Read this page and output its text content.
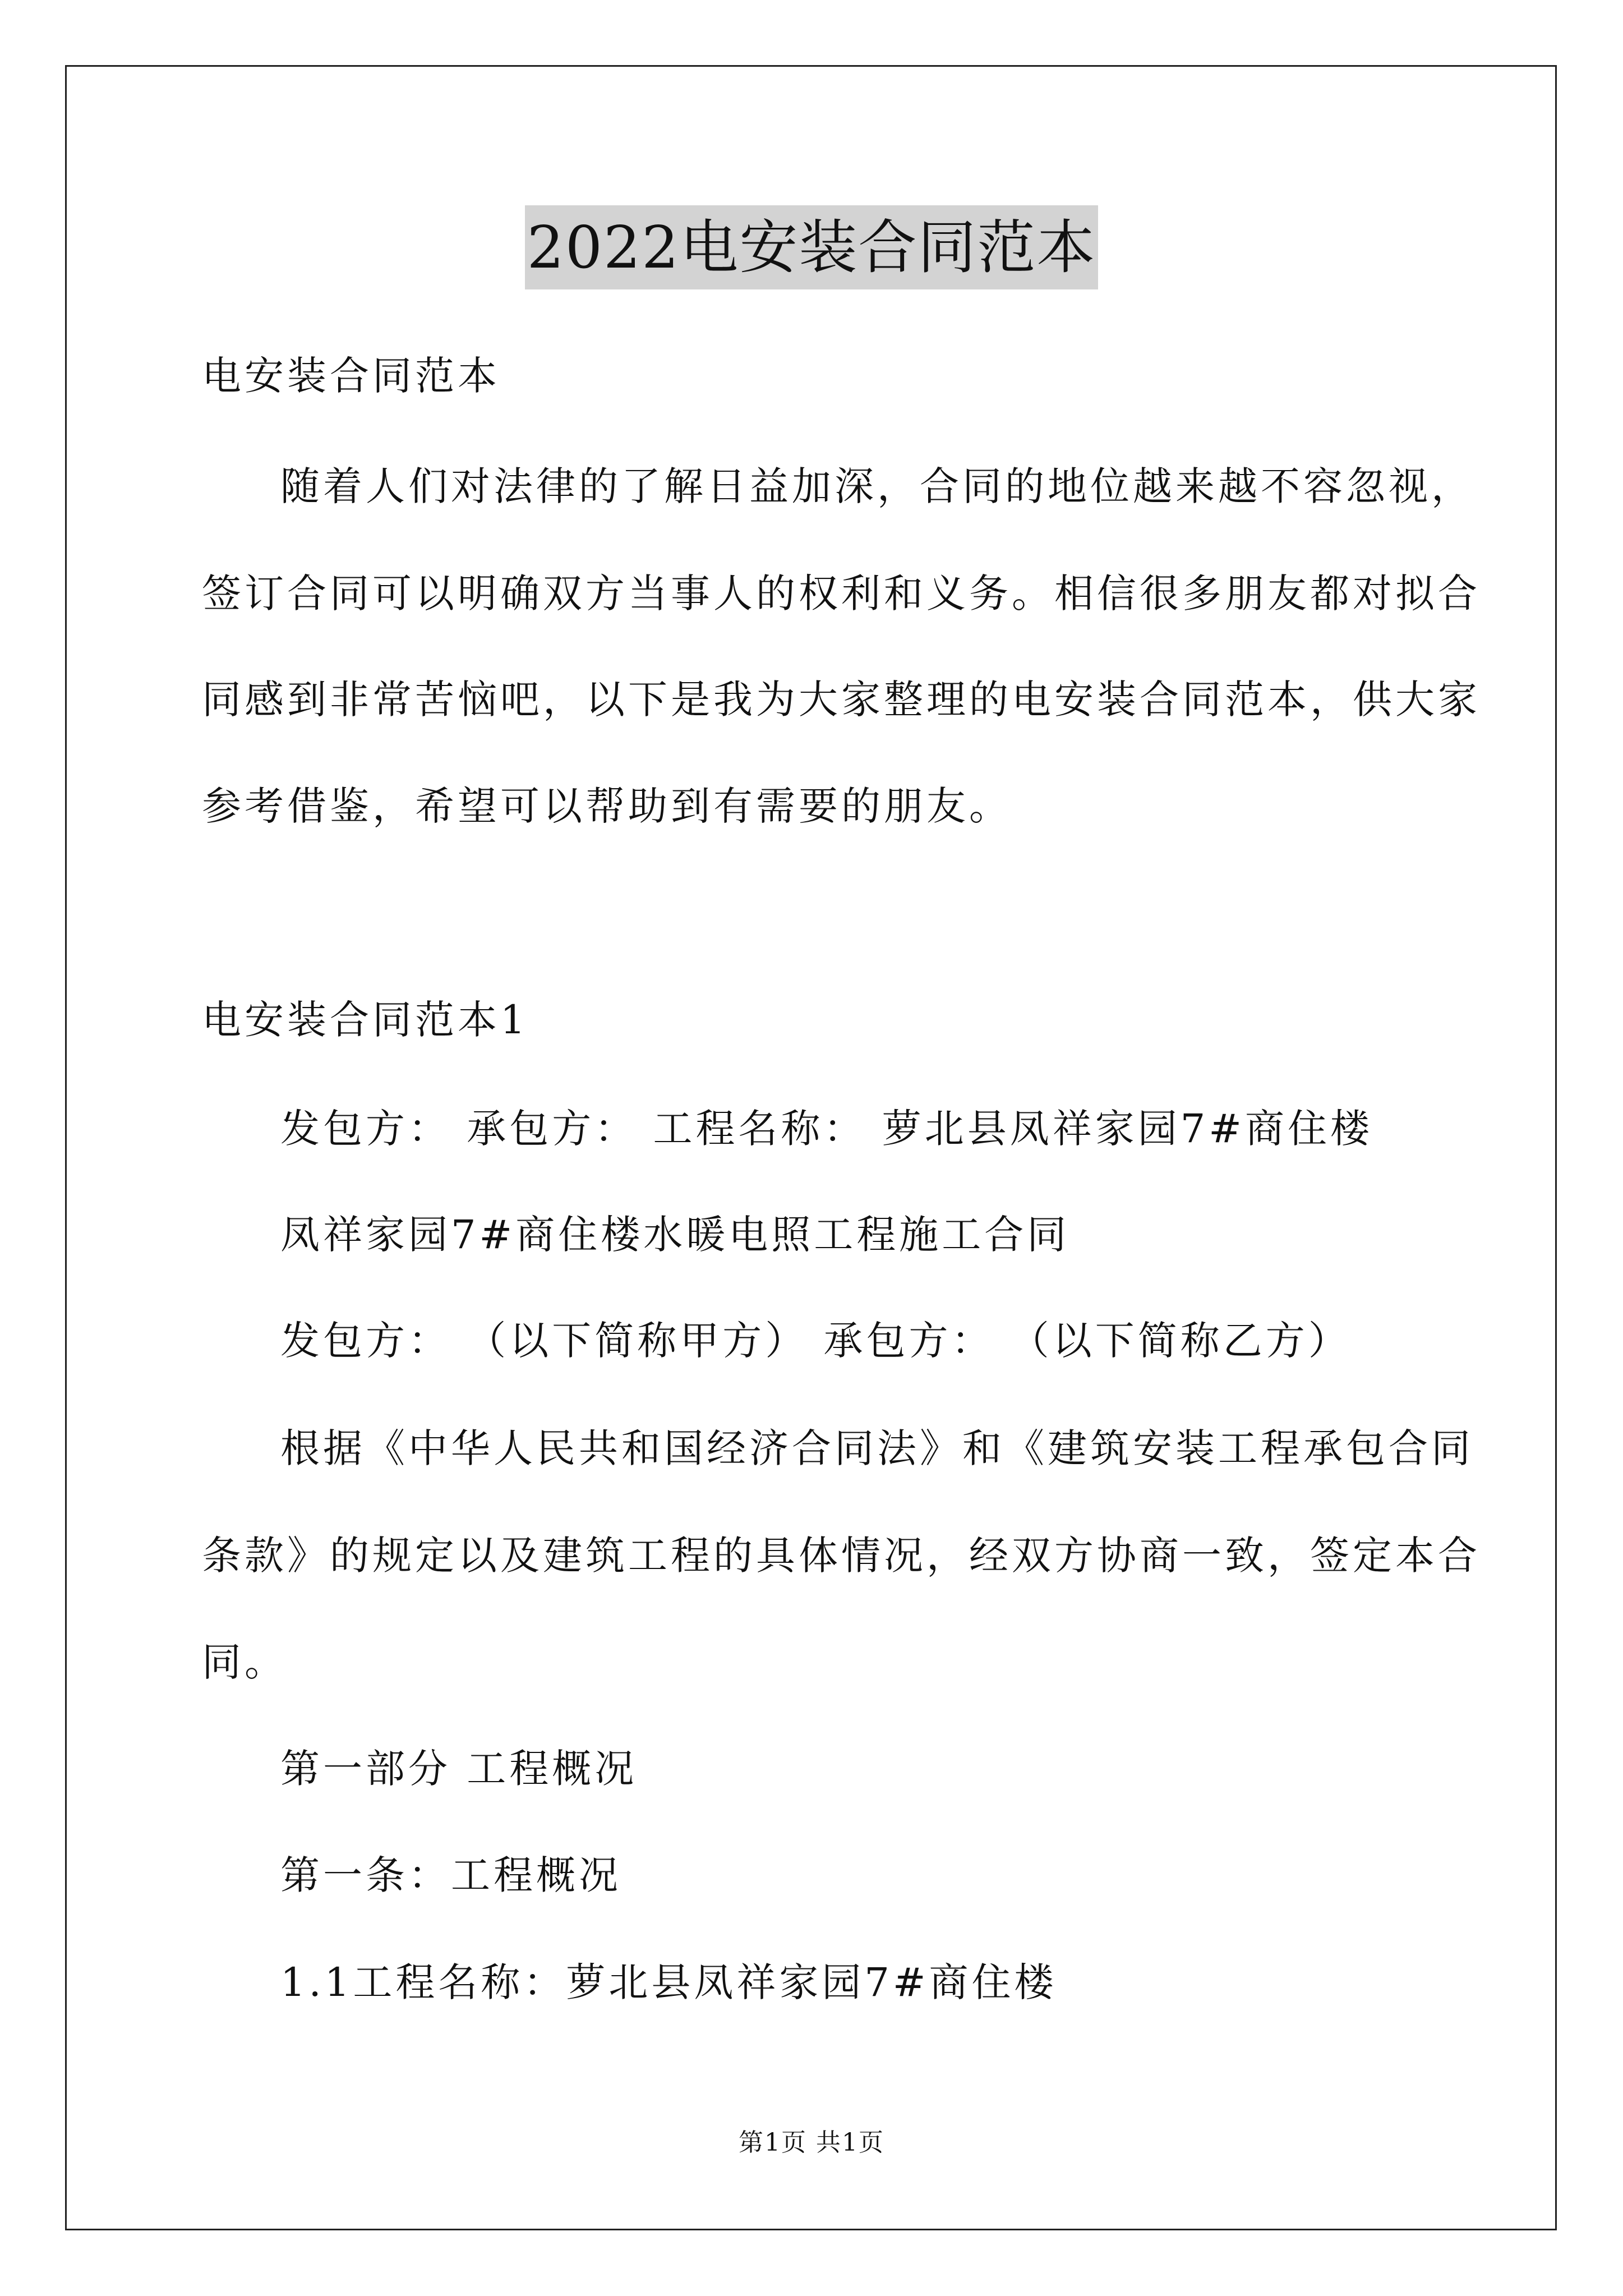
2022电安装合同范本
电安装合同范本
随着人们对法律的了解日益加深，合同的地位越来越不容忽视，
签订合同可以明确双方当事人的权利和义务。相信很多朋友都对拟合
同感到非常苦恼吧，以下是我为大家整理的电安装合同范本，供大家
参考借鉴，希望可以帮助到有需要的朋友。
电安装合同范本1
发包方： 承包方： 工程名称： 萝北县凤祥家园7#商住楼
凤祥家园7#商住楼水暖电照工程施工合同
发包方： （以下简称甲方） 承包方： （以下简称乙方）
根据《中华人民共和国经济合同法》和《建筑安装工程承包合同
条款》的规定以及建筑工程的具体情况，经双方协商一致，签定本合
同。
第一部分 工程概况
第一条：工程概况
1.1工程名称：萝北县凤祥家园7#商住楼
第1页 共1页
